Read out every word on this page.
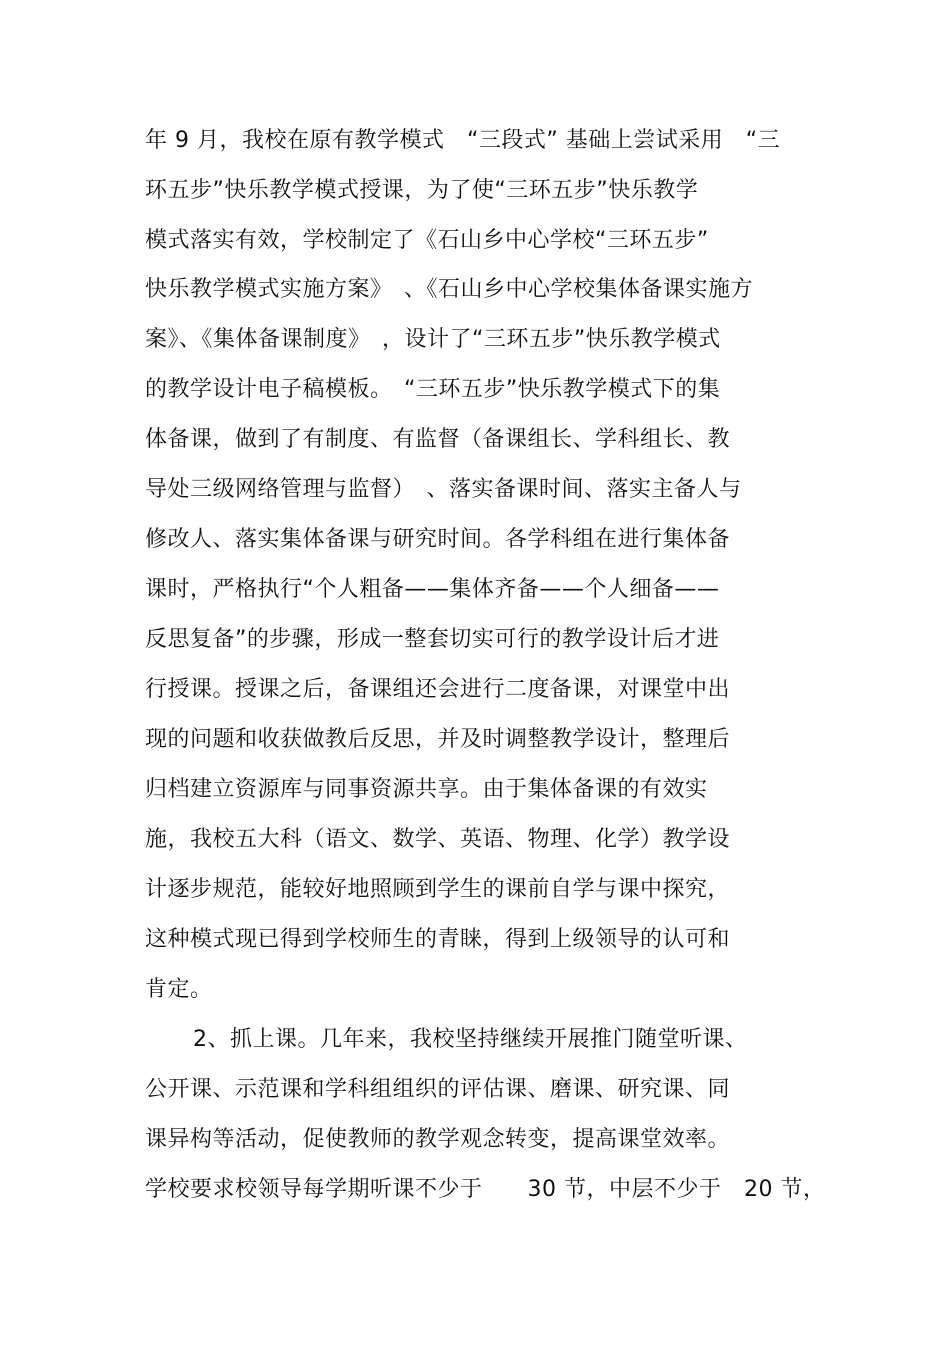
年 9 月，我校在原有教学模式　“三段式” 基础上尝试采用　“三
环五步”快乐教学模式授课，为了使“三环五步”快乐教学
模式落实有效，学校制定了《石山乡中心学校“三环五步”
快乐教学模式实施方案》　、《石山乡中心学校集体备课实施方
案》、《集体备课制度》　，设计了“三环五步”快乐教学模式
的教学设计电子稿模板。　“三环五步”快乐教学模式下的集
体备课，做到了有制度、有监督（备课组长、学科组长、教
导处三级网络管理与监督）　、落实备课时间、落实主备人与
修改人、落实集体备课与研究时间。各学科组在进行集体备
课时，严格执行“个人粗备——集体齐备——个人细备——
反思复备”的步骤，形成一整套切实可行的教学设计后才进
行授课。授课之后，备课组还会进行二度备课，对课堂中出
现的问题和收获做教后反思，并及时调整教学设计，整理后
归档建立资源库与同事资源共享。由于集体备课的有效实
施，我校五大科（语文、数学、英语、物理、化学）教学设
计逐步规范，能较好地照顾到学生的课前自学与课中探究，
这种模式现已得到学校师生的青睐，得到上级领导的认可和
肯定。
2、抓上课。几年来，我校坚持继续开展推门随堂听课、
公开课、示范课和学科组组织的评估课、磨课、研究课、同
课异构等活动，促使教师的教学观念转变，提高课堂效率。
学校要求校领导每学期听课不少于　　30 节，中层不少于　20 节，
